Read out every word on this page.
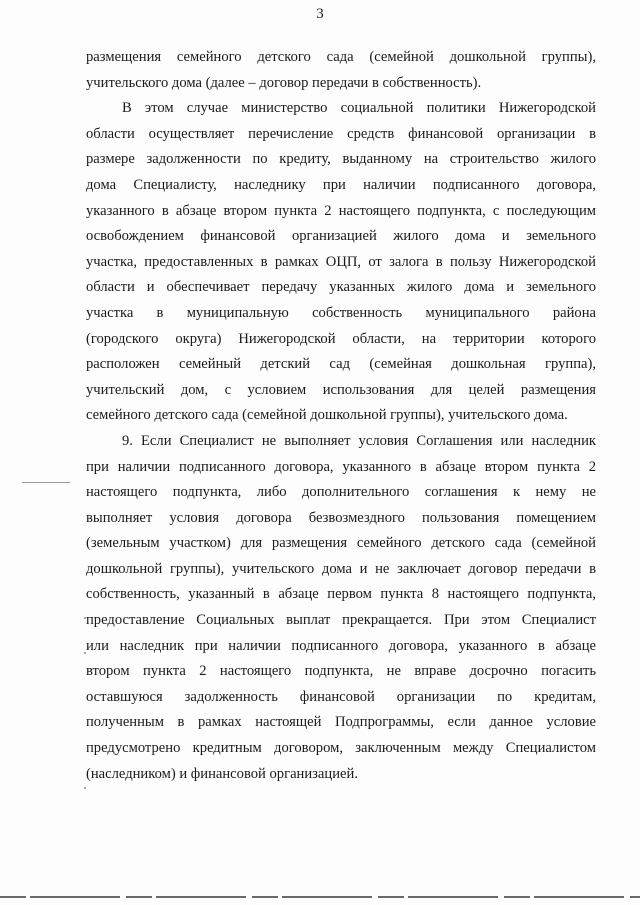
3
размещения семейного детского сада (семейной дошкольной группы),
учительского дома (далее – договор передачи в собственность).
В этом случае министерство социальной политики Нижегородской
области осуществляет перечисление средств финансовой организации в
размере задолженности по кредиту, выданному на строительство жилого
дома Специалисту, наследнику при наличии подписанного договора,
указанного в абзаце втором пункта 2 настоящего подпункта, с последующим
освобождением финансовой организацией жилого дома и земельного
участка, предоставленных в рамках ОЦП, от залога в пользу Нижегородской
области и обеспечивает передачу указанных жилого дома и земельного
участка в муниципальную собственность муниципального района
(городского округа) Нижегородской области, на территории которого
расположен семейный детский сад (семейная дошкольная группа),
учительский дом, с условием использования для целей размещения
семейного детского сада (семейной дошкольной группы), учительского дома.
9. Если Специалист не выполняет условия Соглашения или наследник
при наличии подписанного договора, указанного в абзаце втором пункта 2
настоящего подпункта, либо дополнительного соглашения к нему не
выполняет условия договора безвозмездного пользования помещением
(земельным участком) для размещения семейного детского сада (семейной
дошкольной группы), учительского дома и не заключает договор передачи в
собственность, указанный в абзаце первом пункта 8 настоящего подпункта,
предоставление Социальных выплат прекращается. При этом Специалист
или наследник при наличии подписанного договора, указанного в абзаце
втором пункта 2 настоящего подпункта, не вправе досрочно погасить
оставшуюся задолженность финансовой организации по кредитам,
полученным в рамках настоящей Подпрограммы, если данное условие
предусмотрено кредитным договором, заключенным между Специалистом
(наследником) и финансовой организацией.
